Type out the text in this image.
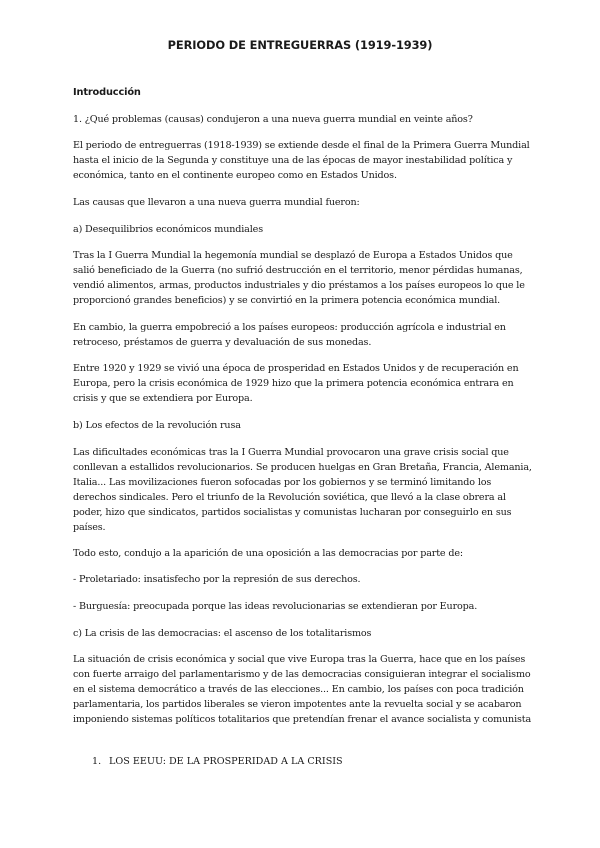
PERIODO DE ENTREGUERRAS (1919-1939)
Introducción
1. ¿Qué problemas (causas) condujeron a una nueva guerra mundial en veinte años?
El periodo de entreguerras (1918-1939) se extiende desde el final de la Primera Guerra Mundial hasta el inicio de la Segunda y constituye una de las épocas de mayor inestabilidad política y económica, tanto en el continente europeo como en Estados Unidos.
Las causas que llevaron a una nueva guerra mundial fueron:
a) Desequilibrios económicos mundiales
Tras la I Guerra Mundial la hegemonía mundial se desplazó de Europa a Estados Unidos que salió beneficiado de la Guerra (no sufrió destrucción en el territorio, menor pérdidas humanas, vendió alimentos, armas, productos industriales y dio préstamos a los países europeos lo que le proporcionó grandes beneficios) y se convirtió en la primera potencia económica mundial.
En cambio, la guerra empobreció a los países europeos: producción agrícola e industrial en retroceso, préstamos de guerra y devaluación de sus monedas.
Entre 1920 y 1929 se vivió una época de prosperidad en Estados Unidos y de recuperación en Europa, pero la crisis económica de 1929 hizo que la primera potencia económica entrara en crisis y que se extendiera por Europa.
b) Los efectos de la revolución rusa
Las dificultades económicas tras la I Guerra Mundial provocaron una grave crisis social que conllevan a estallidos revolucionarios. Se producen huelgas en Gran Bretaña, Francia, Alemania, Italia... Las movilizaciones fueron sofocadas por los gobiernos y se terminó limitando los derechos sindicales. Pero el triunfo de la Revolución soviética, que llevó a la clase obrera al poder, hizo que sindicatos, partidos socialistas y comunistas lucharan por conseguirlo en sus países.
Todo esto, condujo a la aparición de una oposición a las democracias por parte de:
- Proletariado: insatisfecho por la represión de sus derechos.
- Burguesía: preocupada porque las ideas revolucionarias se extendieran por Europa.
c) La crisis de las democracias: el ascenso de los totalitarismos
La situación de crisis económica y social que vive Europa tras la Guerra, hace que en los países con fuerte arraigo del parlamentarismo y de las democracias consiguieran integrar el socialismo en el sistema democrático a través de las elecciones... En cambio, los países con poca tradición parlamentaria, los partidos liberales se vieron impotentes ante la revuelta social y se acabaron imponiendo sistemas políticos totalitarios que pretendían frenar el avance socialista y comunista
1. LOS EEUU: DE LA PROSPERIDAD A LA CRISIS
